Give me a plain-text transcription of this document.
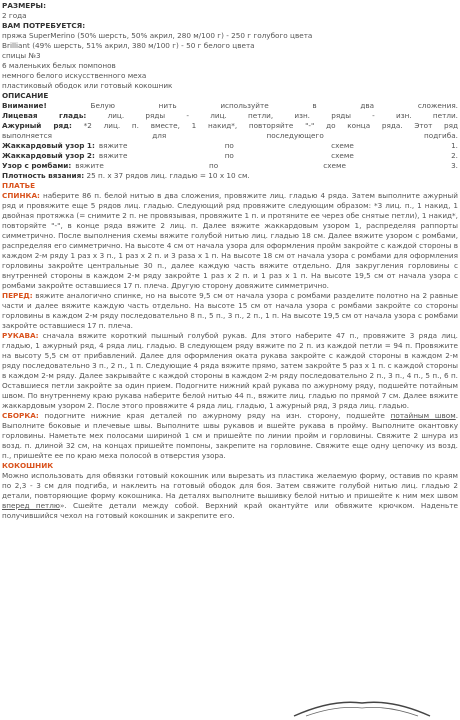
РАЗМЕРЫ:
2 года
ВАМ ПОТРЕБУЕТСЯ:
пряжа SuperMerino (50% шерсть, 50% акрил, 280 м/100 г) - 250 г голубого цвета
Brilliant (49% шерсть, 51% акрил, 380 м/100 г) - 50 г белого цвета
спицы №3
6 маленьких белых помпонов
немного белого искусственного меха
пластиковый ободок или готовый кокошник
ОПИСАНИЕ
Внимание! Белую нить используйте в два сложения.
Лицевая гладь: лиц. ряды - лиц. петли, изн. ряды - изн. петли.
Ажурный ряд: *2 лиц. п. вместе, 1 накид*, повторяйте "-" до конца ряда. Этот ряд
выполняется для последующего подгиба.
Жаккардовый узор 1: вяжите по схеме 1.
Жаккардовый узор 2: вяжите по схеме 2.
Узор с ромбами: вяжите по схеме 3.
Плотность вязания: 25 п. х 37 рядов лиц. гладью = 10 х 10 см.
ПЛАТЬЕ

СПИНКА: наберите 86 п. белой нитью в два сложения, провяжите лиц. гладью 4 ряда. Затем выполните ажурный ряд и провяжите еще 5 рядов лиц. гладью. Следующий ряд провяжите следующим образом: *3 лиц. п., 1 накид, 1 двойная протяжка (= снимите 2 п. не провязывая, провяжите 1 п. и протяните ее через обе снятые петли), 1 накид*, повторяйте "-", в конце ряда вяжите 2 лиц. п. Далее вяжите жаккардовым узором 1, распределяя раппорты симметрично. После выполнения схемы вяжите голубой нитью лиц. гладью 18 см. Далее вяжите узором с ромбами, распределяя его симметрично. На высоте 4 см от начала узора для оформления пройм закройте с каждой стороны в каждом 2-м ряду 1 раз х 3 п., 1 раз х 2 п. и 3 раза х 1 п. На высоте 18 см от начала узора с ромбами для оформления горловины закройте центральные 30 п., далее каждую часть вяжите отдельно. Для закругления горловины с внутренней стороны в каждом 2-м ряду закройте 1 раз х 2 п. и 1 раз х 1 п. На высоте 19,5 см от начала узора с ромбами закройте оставшиеся 17 п. плеча. Другую сторону довяжите симметрично.

ПЕРЕД: вяжите аналогично спинке, но на высоте 9,5 см от начала узора с ромбами разделите полотно на 2 равные части и далее вяжите каждую часть отдельно. На высоте 15 см от начала узора с ромбами закройте со стороны горловины в каждом 2-м ряду последовательно 8 п., 5 п., 3 п., 2 п., 1 п. На высоте 19,5 см от начала узора с ромбами закройте оставшиеся 17 п. плеча.

РУКАВА: сначала вяжите короткий пышный голубой рукав. Для этого наберите 47 п., провяжите 3 ряда лиц. гладью, 1 ажурный ряд, 4 ряда лиц. гладью. В следующем ряду вяжите по 2 п. из каждой петли = 94 п. Провяжите на высоту 5,5 см от прибавлений. Далее для оформления оката рукава закройте с каждой стороны в каждом 2-м ряду последовательно 3 п., 2 п., 1 п. Следующие 4 ряда вяжите прямо, затем закройте 5 раз х 1 п. с каждой стороны в каждом 2-м ряду. Далее закрывайте с каждой стороны в каждом 2-м ряду последовательно 2 п., 3 п., 4 п., 5 п., 6 п. Оставшиеся петли закройте за один прием. Подогните нижний край рукава по ажурному ряду, подшейте потайным швом. По внутреннему краю рукава наберите белой нитью 44 п., вяжите лиц. гладью по прямой 7 см. Далее вяжите жаккардовым узором 2. После этого провяжите 4 ряда лиц. гладью, 1 ажурный ряд, 3 ряда лиц. гладью.

СБОРКА: подогните нижние края деталей по ажурному ряду на изн. сторону, подшейте потайным швом. Выполните боковые и плечевые швы. Выполните швы рукавов и вшейте рукава в пройму. Выполните окантовку горловины. Наметьте мех полосами шириной 1 см и пришейте по линии пройм и горловины. Свяжите 2 шнура из возд. п. длиной 32 см, на концах пришейте помпоны, закрепите на горловине. Свяжите еще одну цепочку из возд. п., пришейте ее по краю меха полосой в отверстия узора.

КОКОШНИК

Можно использовать для обвязки готовый кокошник или вырезать из пластика желаемую форму, оставив по краям по 2,3 - 3 см для подгиба, и наклеить на готовый ободок для боя. Затем свяжите голубой нитью лиц. гладью 2 детали, повторяющие форму кокошника. На деталях выполните вышивку белой нитью и пришейте к ним мех швом вперед петлю». Сшейте детали между собой. Верхний край окантуйте или обвяжите крючком. Наденьте получившийся чехол на готовый кокошник и закрепите его.
